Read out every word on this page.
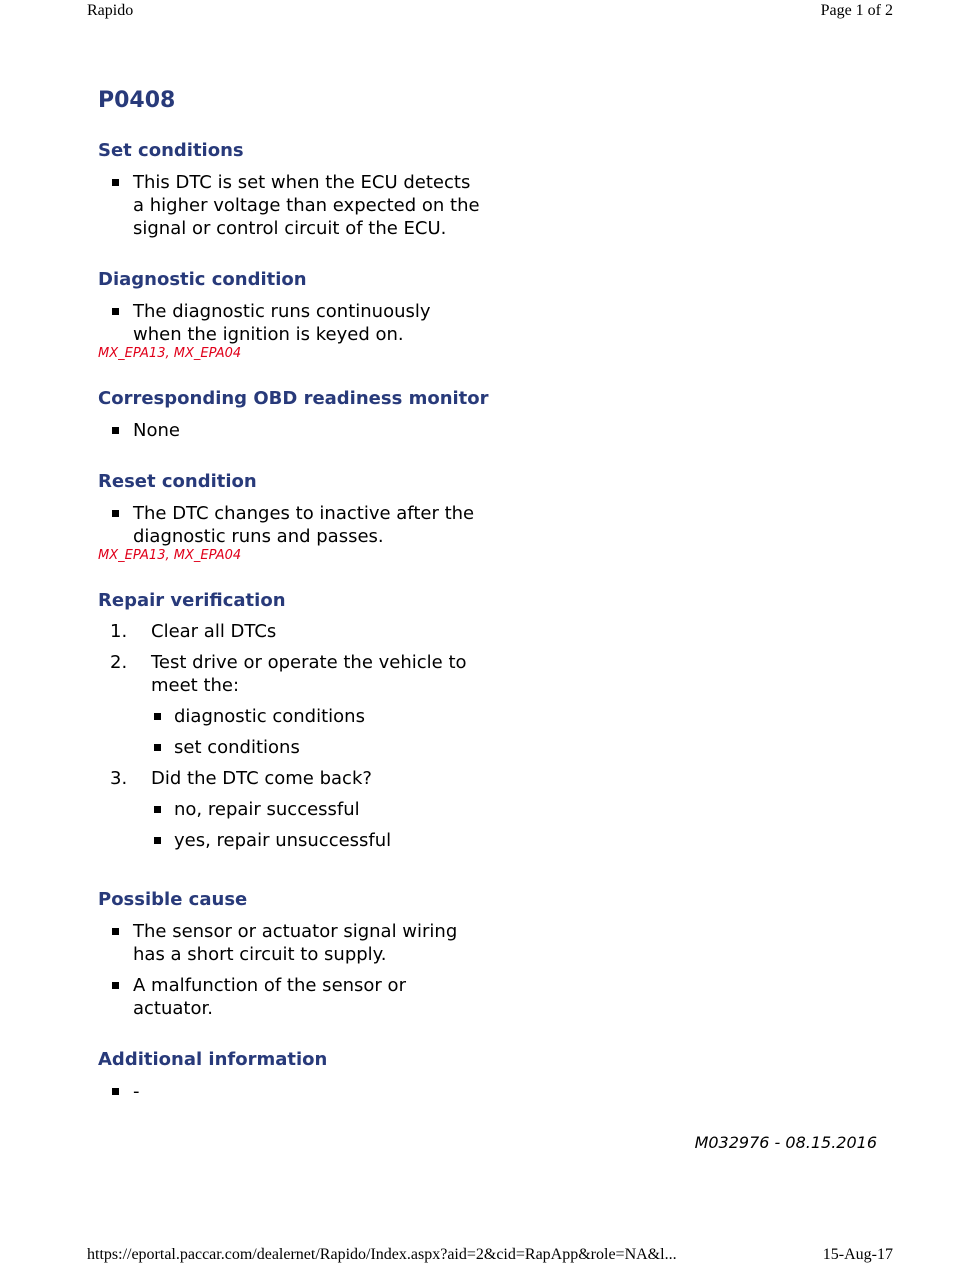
Rapido	Page 1 of 2
P0408
Set conditions
This DTC is set when the ECU detects a higher voltage than expected on the signal or control circuit of the ECU.
Diagnostic condition
The diagnostic runs continuously when the ignition is keyed on.
MX_EPA13, MX_EPA04
Corresponding OBD readiness monitor
None
Reset condition
The DTC changes to inactive after the diagnostic runs and passes.
MX_EPA13, MX_EPA04
Repair verification
1. Clear all DTCs
2. Test drive or operate the vehicle to meet the:
diagnostic conditions
set conditions
3. Did the DTC come back?
no, repair successful
yes, repair unsuccessful
Possible cause
The sensor or actuator signal wiring has a short circuit to supply.
A malfunction of the sensor or actuator.
Additional information
-
M032976 - 08.15.2016
https://eportal.paccar.com/dealernet/Rapido/Index.aspx?aid=2&cid=RapApp&role=NA&l...	15-Aug-17
